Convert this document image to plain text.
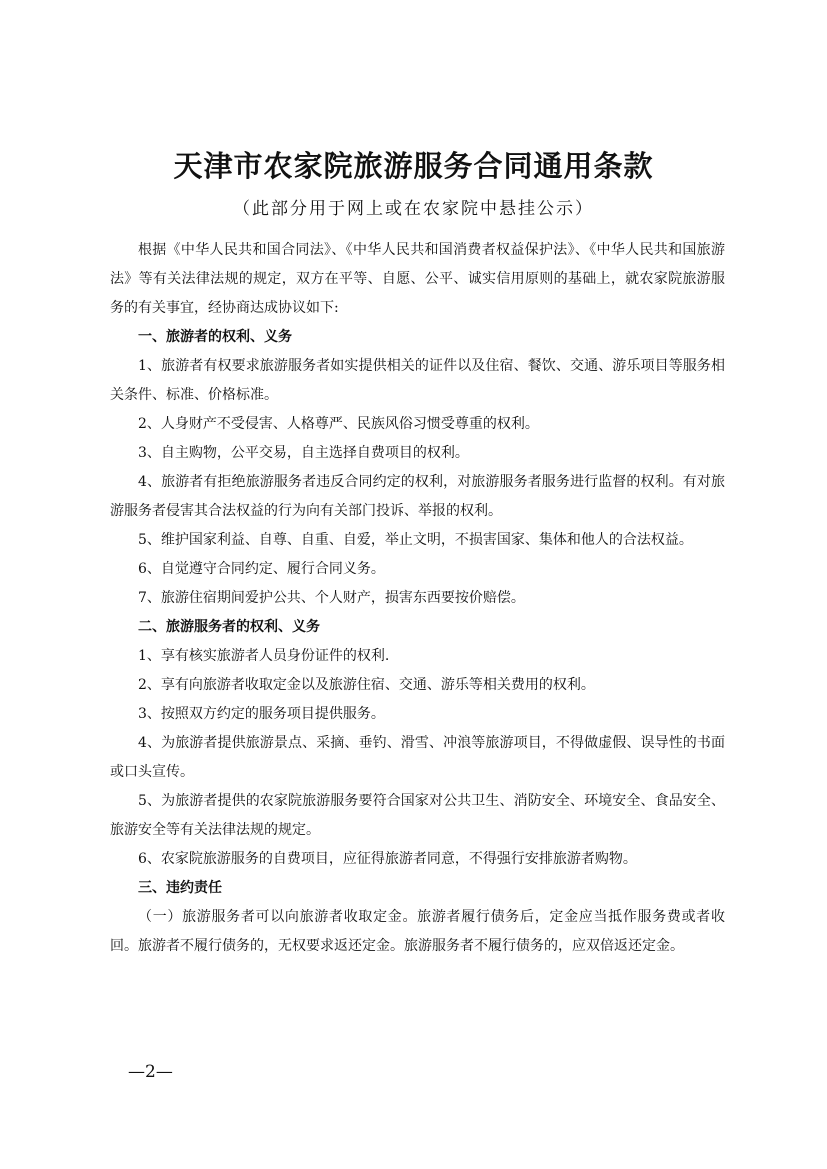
天津市农家院旅游服务合同通用条款
（此部分用于网上或在农家院中悬挂公示）

根据《中华人民共和国合同法》、《中华人民共和国消费者权益保护法》、《中华人民共和国旅游法》等有关法律法规的规定，双方在平等、自愿、公平、诚实信用原则的基础上，就农家院旅游服务的有关事宜，经协商达成协议如下:

一、旅游者的权利、义务

1、旅游者有权要求旅游服务者如实提供相关的证件以及住宿、餐饮、交通、游乐项目等服务相关条件、标准、价格标准。

2、人身财产不受侵害、人格尊严、民族风俗习惯受尊重的权利。

3、自主购物，公平交易，自主选择自费项目的权利。

4、旅游者有拒绝旅游服务者违反合同约定的权利，对旅游服务者服务进行监督的权利。有对旅游服务者侵害其合法权益的行为向有关部门投诉、举报的权利。

5、维护国家利益、自尊、自重、自爱，举止文明，不损害国家、集体和他人的合法权益。

6、自觉遵守合同约定、履行合同义务。

7、旅游住宿期间爱护公共、个人财产，损害东西要按价赔偿。

二、旅游服务者的权利、义务

1、享有核实旅游者人员身份证件的权利.

2、享有向旅游者收取定金以及旅游住宿、交通、游乐等相关费用的权利。

3、按照双方约定的服务项目提供服务。

4、为旅游者提供旅游景点、采摘、垂钓、滑雪、冲浪等旅游项目，不得做虚假、误导性的书面或口头宣传。

5、为旅游者提供的农家院旅游服务要符合国家对公共卫生、消防安全、环境安全、食品安全、旅游安全等有关法律法规的规定。

6、农家院旅游服务的自费项目，应征得旅游者同意，不得强行安排旅游者购物。

三、违约责任

（一）旅游服务者可以向旅游者收取定金。旅游者履行债务后，定金应当抵作服务费或者收回。旅游者不履行债务的，无权要求返还定金。旅游服务者不履行债务的，应双倍返还定金。

—2—
